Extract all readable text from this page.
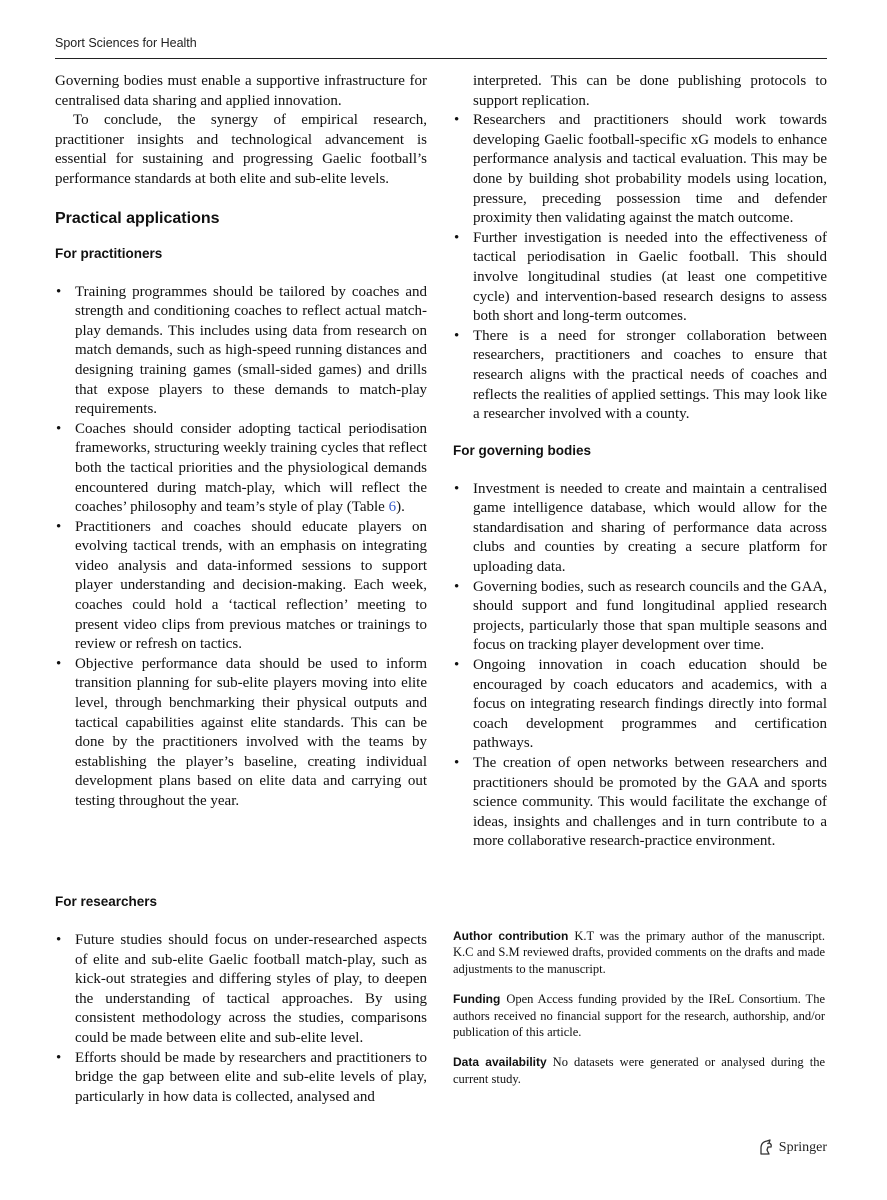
Sport Sciences for Health

Governing bodies must enable a supportive infrastructure for centralised data sharing and applied innovation.

To conclude, the synergy of empirical research, practitioner insights and technological advancement is essential for sustaining and progressing Gaelic football’s performance standards at both elite and sub-elite levels.

Practical applications
For practitioners
• Training programmes should be tailored by coaches and strength and conditioning coaches to reflect actual match-play demands. This includes using data from research on match demands, such as high-speed running distances and designing training games (small-sided games) and drills that expose players to these demands to match-play requirements.
• Coaches should consider adopting tactical periodisation frameworks, structuring weekly training cycles that reflect both the tactical priorities and the physiological demands encountered during match-play, which will reflect the coaches’ philosophy and team’s style of play (Table 6).
• Practitioners and coaches should educate players on evolving tactical trends, with an emphasis on integrating video analysis and data-informed sessions to support player understanding and decision-making. Each week, coaches could hold a ‘tactical reflection’ meeting to present video clips from previous matches or trainings to review or refresh on tactics.
• Objective performance data should be used to inform transition planning for sub-elite players moving into elite level, through benchmarking their physical outputs and tactical capabilities against elite standards. This can be done by the practitioners involved with the teams by establishing the player’s baseline, creating individual development plans based on elite data and carrying out testing throughout the year.

interpreted. This can be done publishing protocols to support replication.

• Researchers and practitioners should work towards developing Gaelic football-specific xG models to enhance performance analysis and tactical evaluation. This may be done by building shot probability models using location, pressure, preceding possession time and defender proximity then validating against the match outcome.
• Further investigation is needed into the effectiveness of tactical periodisation in Gaelic football. This should involve longitudinal studies (at least one competitive cycle) and intervention-based research designs to assess both short and long-term outcomes.
• There is a need for stronger collaboration between researchers, practitioners and coaches to ensure that research aligns with the practical needs of coaches and reflects the realities of applied settings. This may look like a researcher involved with a county.
For governing bodies
• Investment is needed to create and maintain a centralised game intelligence database, which would allow for the standardisation and sharing of performance data across clubs and counties by creating a secure platform for uploading data.
• Governing bodies, such as research councils and the GAA, should support and fund longitudinal applied research projects, particularly those that span multiple seasons and focus on tracking player development over time.
• Ongoing innovation in coach education should be encouraged by coach educators and academics, with a focus on integrating research findings directly into formal coach development programmes and certification pathways.
• The creation of open networks between researchers and practitioners should be promoted by the GAA and sports science community. This would facilitate the exchange of ideas, insights and challenges and in turn contribute to a more collaborative research-practice environment.
For researchers
• Future studies should focus on under-researched aspects of elite and sub-elite Gaelic football match-play, such as kick-out strategies and differing styles of play, to deepen the understanding of tactical approaches. By using consistent methodology across the studies, comparisons could be made between elite and sub-elite level.
• Efforts should be made by researchers and practitioners to bridge the gap between elite and sub-elite levels of play, particularly in how data is collected, analysed and

Author contribution K.T was the primary author of the manuscript. K.C and S.M reviewed drafts, provided comments on the drafts and made adjustments to the manuscript.

Funding Open Access funding provided by the IReL Consortium. The authors received no financial support for the research, authorship, and/or publication of this article.

Data availability No datasets were generated or analysed during the current study.

Springer
